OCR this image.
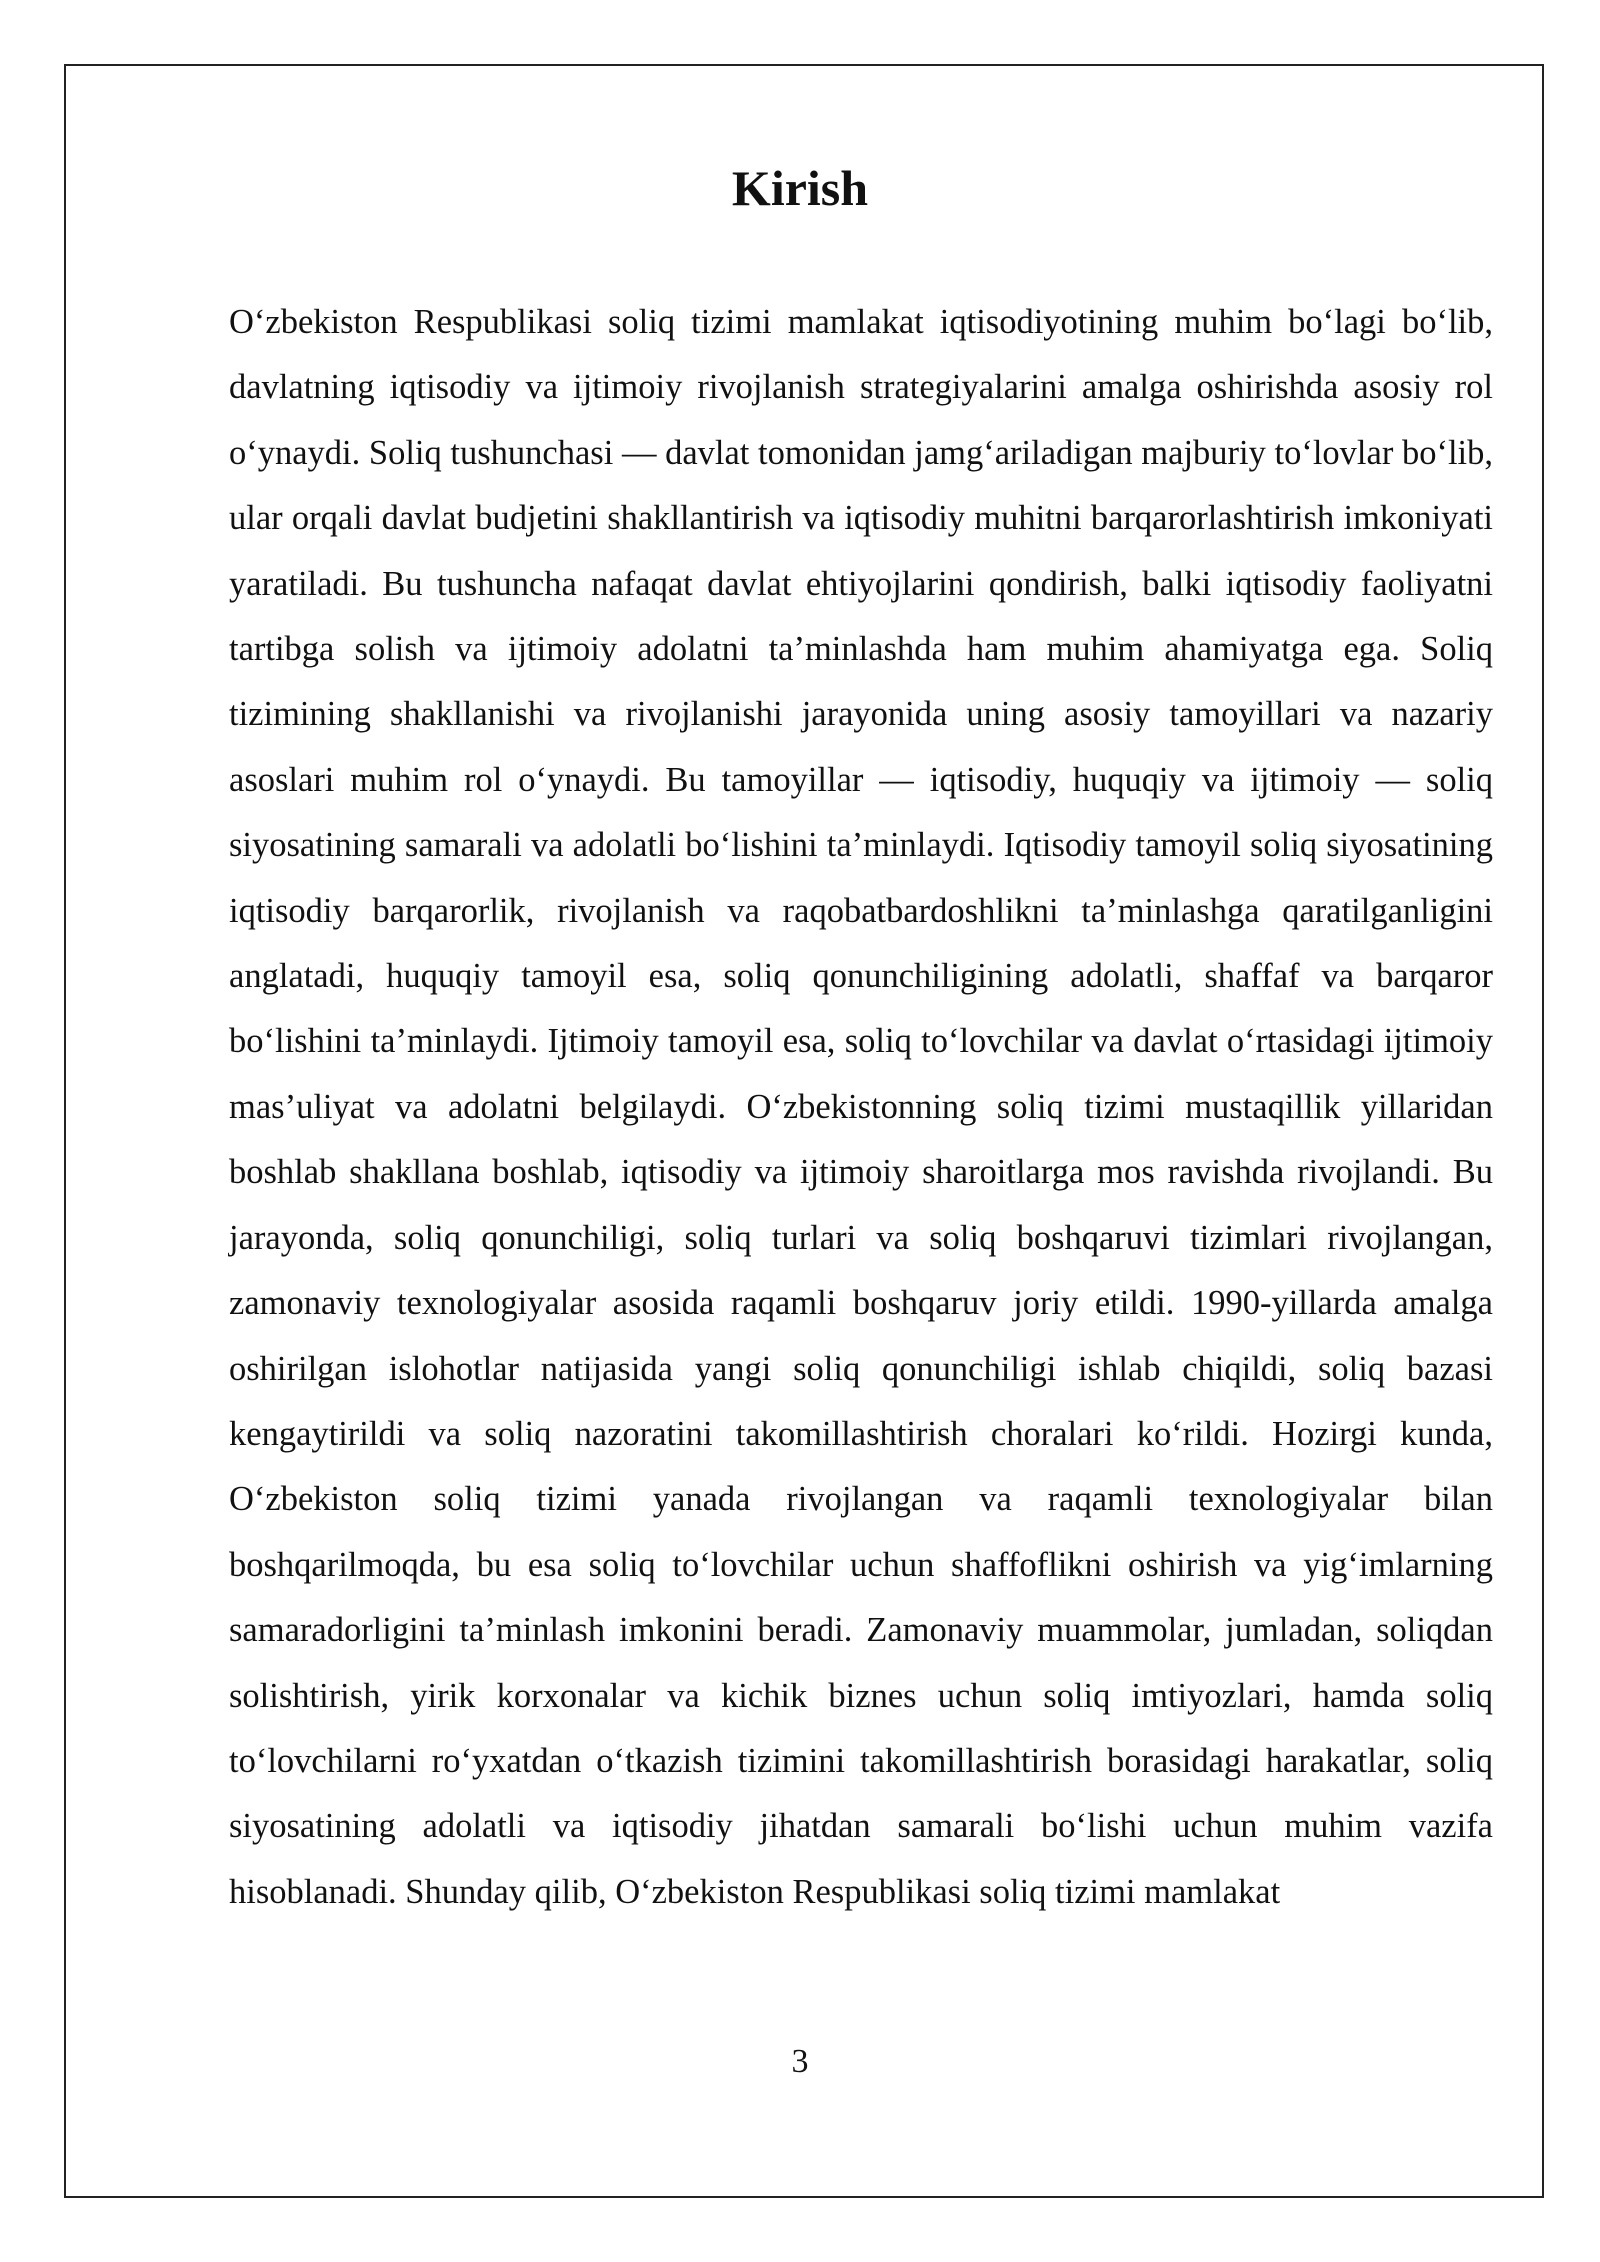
Kirish

O‘zbekiston Respublikasi soliq tizimi mamlakat iqtisodiyotining muhim bo‘lagi bo‘lib, davlatning iqtisodiy va ijtimoiy rivojlanish strategiyalarini amalga oshirishda asosiy rol o‘ynaydi. Soliq tushunchasi — davlat tomonidan jamg‘ariladigan majburiy to‘lovlar bo‘lib, ular orqali davlat budjetini shakllantirish va iqtisodiy muhitni barqarorlashtirish imkoniyati yaratiladi. Bu tushuncha nafaqat davlat ehtiyojlarini qondirish, balki iqtisodiy faoliyatni tartibga solish va ijtimoiy adolatni ta’minlashda ham muhim ahamiyatga ega. Soliq tizimining shakllanishi va rivojlanishi jarayonida uning asosiy tamoyillari va nazariy asoslari muhim rol o‘ynaydi. Bu tamoyillar — iqtisodiy, huquqiy va ijtimoiy — soliq siyosatining samarali va adolatli bo‘lishini ta’minlaydi. Iqtisodiy tamoyil soliq siyosatining iqtisodiy barqarorlik, rivojlanish va raqobatbardoshlikni ta’minlashga qaratilganligini anglatadi, huquqiy tamoyil esa, soliq qonunchiligining adolatli, shaffaf va barqaror bo‘lishini ta’minlaydi. Ijtimoiy tamoyil esa, soliq to‘lovchilar va davlat o‘rtasidagi ijtimoiy mas’uliyat va adolatni belgilaydi. O‘zbekistonning soliq tizimi mustaqillik yillaridan boshlab shakllana boshlab, iqtisodiy va ijtimoiy sharoitlarga mos ravishda rivojlandi. Bu jarayonda, soliq qonunchiligi, soliq turlari va soliq boshqaruvi tizimlari rivojlangan, zamonaviy texnologiyalar asosida raqamli boshqaruv joriy etildi. 1990-yillarda amalga oshirilgan islohotlar natijasida yangi soliq qonunchiligi ishlab chiqildi, soliq bazasi kengaytirildi va soliq nazoratini takomillashtirish choralari ko‘rildi. Hozirgi kunda, O‘zbekiston soliq tizimi yanada rivojlangan va raqamli texnologiyalar bilan boshqarilmoqda, bu esa soliq to‘lovchilar uchun shaffoflikni oshirish va yig‘imlarning samaradorligini ta’minlash imkonini beradi. Zamonaviy muammolar, jumladan, soliqdan solishtirish, yirik korxonalar va kichik biznes uchun soliq imtiyozlari, hamda soliq to‘lovchilarni ro‘yxatdan o‘tkazish tizimini takomillashtirish borasidagi harakatlar, soliq siyosatining adolatli va iqtisodiy jihatdan samarali bo‘lishi uchun muhim vazifa hisoblanadi. Shunday qilib, O‘zbekiston Respublikasi soliq tizimi mamlakat

3
